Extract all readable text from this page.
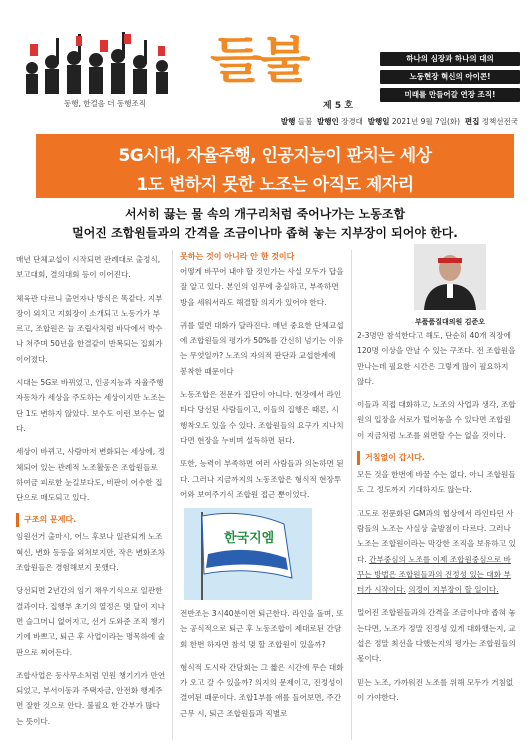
동행, 한걸음 더 동행조직
들불
제 5 호
하나의 심장과 하나의 대의
노동현장 혁신의 아이콘!
미래를 만들어갈 연장 조직!
발행 들불 발행인 장경대 발행일 2021년 9월 7일(화) 편집 정책선전국
5G시대, 자율주행, 인공지능이 판치는 세상
1도 변하지 못한 노조는 아직도 제자리
서서히 끓는 물 속의 개구리처럼 죽어나가는 노동조합
멀어진 조합원들과의 간격을 조금이나마 좁혀 놓는 지부장이 되어야 한다.

매년 단체교섭이 시작되면 관례대로 출정식, 보고대회, 결의대회 등이 이어진다.

체육관 다르니 출연자나 방식은 똑같다. 지부장이 외치고 지회장이 소개되고 노동가가 부르고, 조합원은 늘 조립사처럼 바닥에서 박수나 쳐주며 50년을 한결같이 반복되는 집회가 이어졌다.

시대는 5G로 바뀌었고, 인공지능과 자율주행 자동차가 세상을 주도하는 세상이지만 노조는 단 1도 변하지 않았다. 보수도 이런 보수는 없다.

세상이 바뀌고, 사람마저 변화되는 세상에, 정체되어 있는 관례적 노조활동은 조합원들로 하여금 피로한 눈길보다도, 비판이 어수한 집단으로 매도되고 있다.

구조의 문제다.

임원선거 출마시, 어느 후보나 일관되게 노조혁신, 변화 등등을 외쳐보지만, 작은 변화조차 조합원들은 경험해보지 못했다.

당선되면 2년간의 임기 채우기식으로 일관한 결과이다. 집행부 초기의 열정은 몇 달이 지나면 슬그머니 없어지고, 선거 도와준 조직 챙기기에 바쁘고, 퇴근 후 사업이라는 명목하에 술판으로 찌어든다.

조합사업은 동사무소처럼 민원 챙기기가 만연되었고, 부서이동과 주택자금, 안전화 행계주면 잘한 것으로 안다. 불필요 한 간부가 많다는 뜻이다.

못하는 것이 아니라 안 한 것이다

어떻게 바꾸어 내야 할 것인가는 사실 모두가 답을 잘 알고 있다. 본인의 임무에 충실하고, 부족하면 방을 세워서라도 해결할 의지가 있어야 한다.

귀를 열면 대화가 달라진다. 매년 중요한 단체교섭에 조합원들의 평가가 50%를 간신히 넘기는 이유는 무엇일까? 노조의 자의적 판단과 교섭한계에 봉착한 때문이다

노동조합은 전문가 집단이 아니다. 현장에서 라인타다 당선된 사람들이고, 이들의 집행은 때론, 시행착오도 있을 수 있다. 조합원들의 요구가 지나치다면 현장을 누비며 설득하면 된다.

또한, 능력이 부족하면 여러 사람들과 의논하면 된다. 그러나 지금까지의 노동조합은 형식적 현장투어와 보여주기식 조합원 접근 뿐이었다.

한국지엠

전반조는 3시40분이면 퇴근한다. 라인을 돌며, 또는 공식적으로 퇴근 후 노동조합이 제대로된 간담회 한번 하자면 참석 몇 할 조합원이 있을까?

형식적 도시락 간담회는 그 짧은 시간에 무슨 대화가 오고 갈 수 있을까? 의지의 문제이고, 진정성이 결여된 때문이다. 조합1부를 애를 들어보면, 주간근무 시, 퇴근 조합원들과 직별로

부품품질대의원 김준오

2-3명만 참석한다고 해도, 단순히 40개 직장에 120명 이상을 만날 수 있는 구조다. 전 조합원을 만나는데 필요한 시간은 그렇게 많이 필요하지 않다.

이들과 직접 대화하고, 노조의 사업과 생각, 조합원의 입장을 서로가 털어놓을 수 있다면 조합원이 지금처럼 노조를 외면할 수는 없을 것이다.

거침없이 갑시다.

모든 것을 한번에 바꿀 수는 없다. 아니 조합원들도 그 정도까지 기대하지도 않는다.

고도로 전문화된 GM과의 협상에서 라인타던 사람들의 노조는 사실상 출발점이 다르다. 그러나 노조는 조합원이라는 막강한 조직을 보유하고 있다. 간부중심의 노조를 이제 조합원중심으로 바꾸는 방법은 조합원들과의 진정성 있는 대화 부터가 시작이다. 의정이 지부장이 할 일이다.

멀어진 조합원들과의 간격을 조금이나마 좁혀 놓는다면, 노조가 정말 진정성 있게 대화했는지, 교섭은 정말 최선을 다했는지의 평가는 조합원들의 몫이다.

믿는 노조, 가까워진 노조를 위해 모두가 거침없이 가야한다.
